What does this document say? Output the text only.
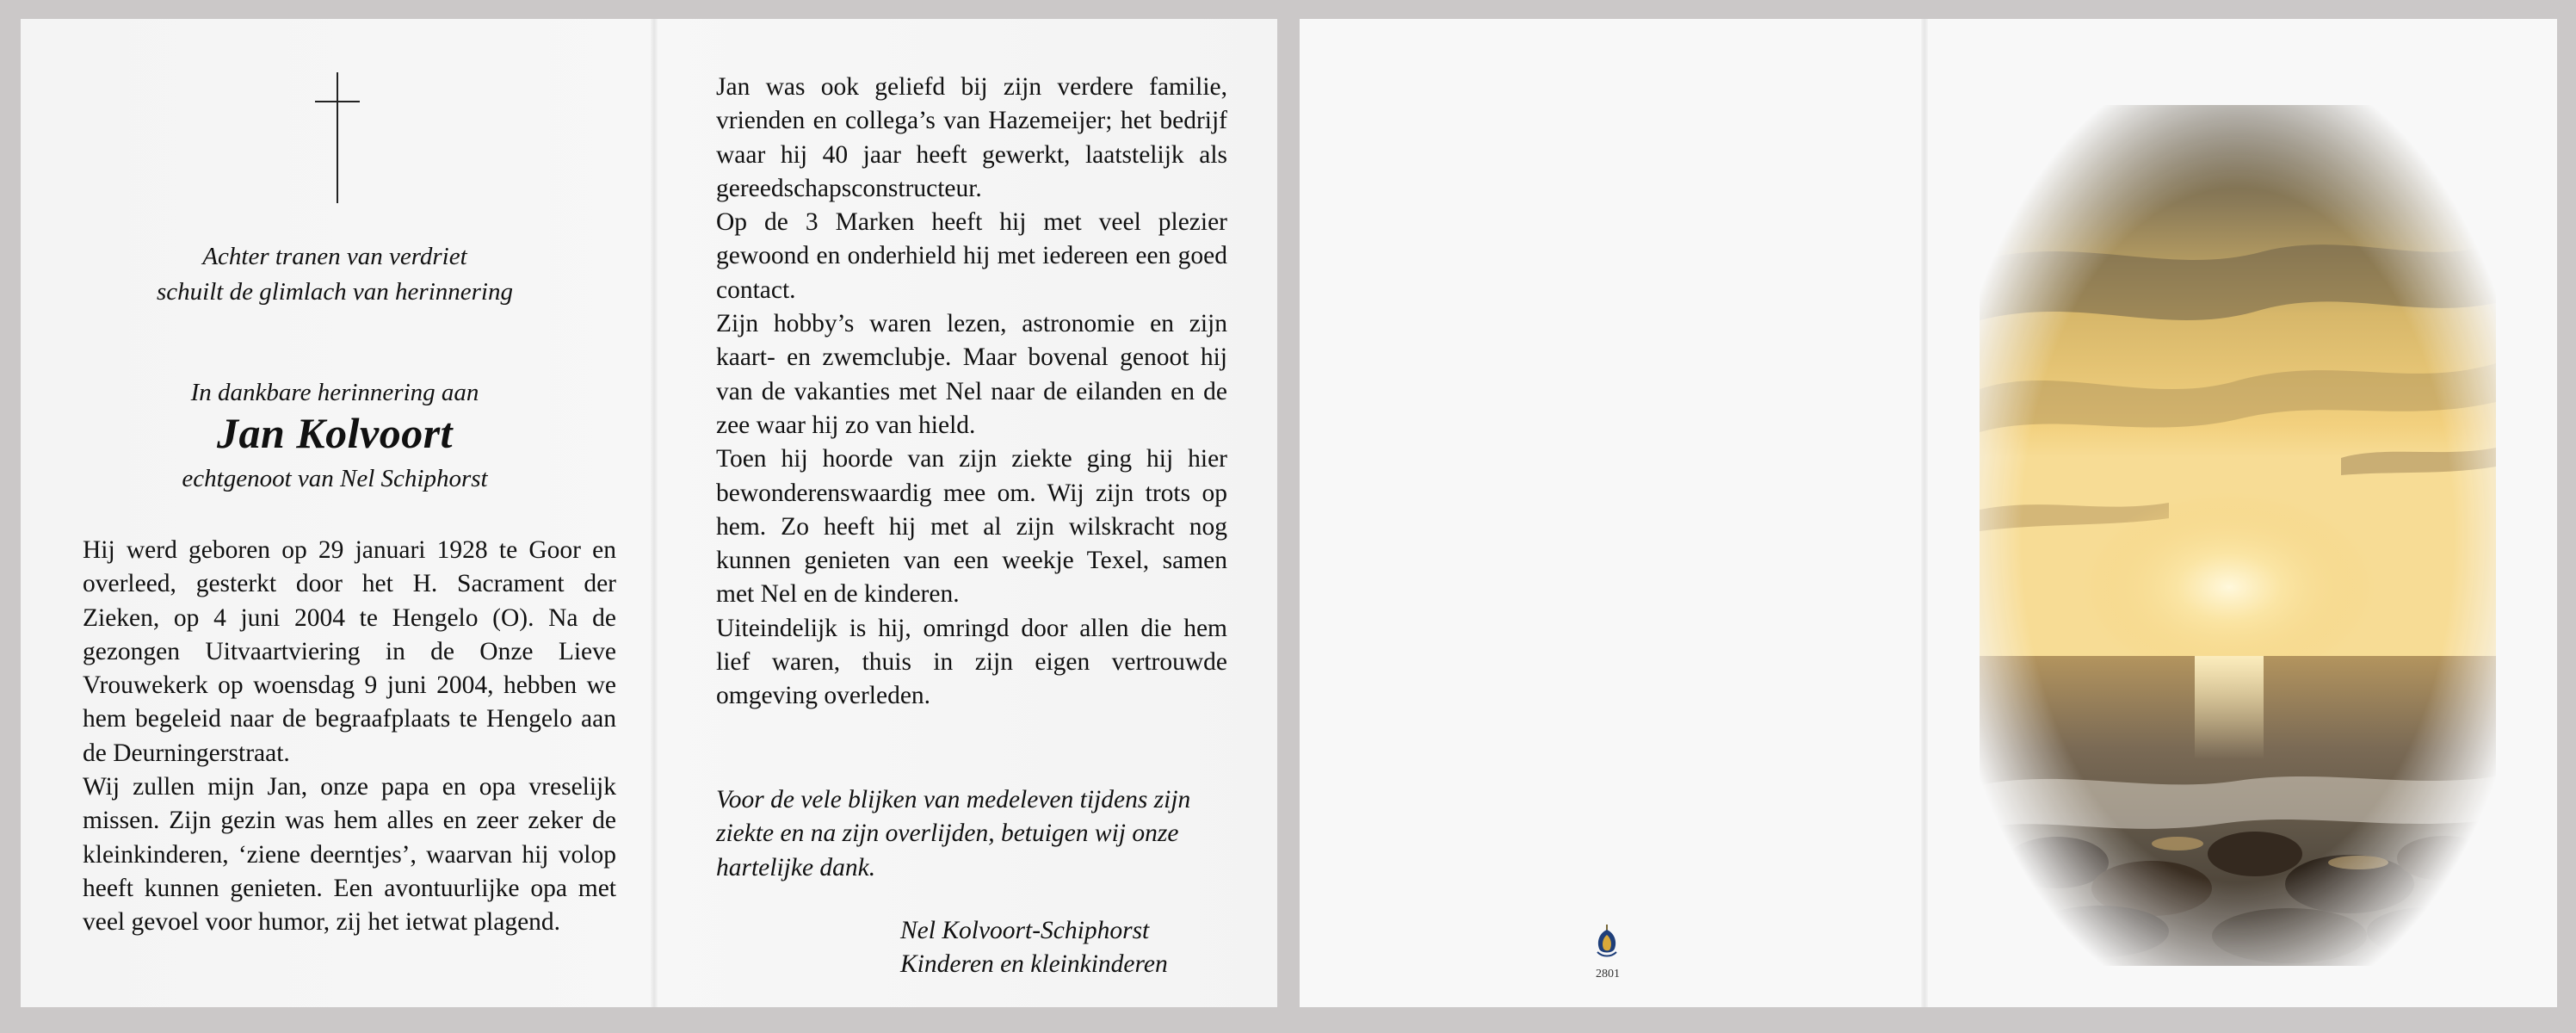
Achter tranen van verdriet
schuilt de glimlach van herinnering
In dankbare herinnering aan
Jan Kolvoort
echtgenoot van Nel Schiphorst

Hij werd geboren op 29 januari 1928 te Goor en overleed, gesterkt door het H. Sacrament der Zieken, op 4 juni 2004 te Hengelo (O). Na de gezongen Uitvaartviering in de Onze Lieve Vrouwekerk op woensdag 9 juni 2004, hebben we hem begeleid naar de begraafplaats te Hengelo aan de Deurningerstraat.

Wij zullen mijn Jan, onze papa en opa vreselijk missen. Zijn gezin was hem alles en zeer zeker de kleinkinderen, ‘ziene deerntjes’, waarvan hij volop heeft kunnen genieten. Een avontuurlijke opa met veel gevoel voor humor, zij het ietwat plagend.

Jan was ook geliefd bij zijn verdere familie, vrienden en collega’s van Hazemeijer; het bedrijf waar hij 40 jaar heeft gewerkt, laatstelijk als gereedschapsconstructeur.

Op de 3 Marken heeft hij met veel plezier gewoond en onderhield hij met iedereen een goed contact.

Zijn hobby’s waren lezen, astronomie en zijn kaart- en zwemclubje. Maar bovenal genoot hij van de vakanties met Nel naar de eilanden en de zee waar hij zo van hield.

Toen hij hoorde van zijn ziekte ging hij hier bewonderenswaardig mee om. Wij zijn trots op hem. Zo heeft hij met al zijn wilskracht nog kunnen genieten van een weekje Texel, samen met Nel en de kinderen.

Uiteindelijk is hij, omringd door allen die hem lief waren, thuis in zijn eigen vertrouwde omgeving overleden.

Voor de vele blijken van medeleven tijdens zijn ziekte en na zijn overlijden, betuigen wij onze hartelijke dank.
Nel Kolvoort-Schiphorst
Kinderen en kleinkinderen	2801
